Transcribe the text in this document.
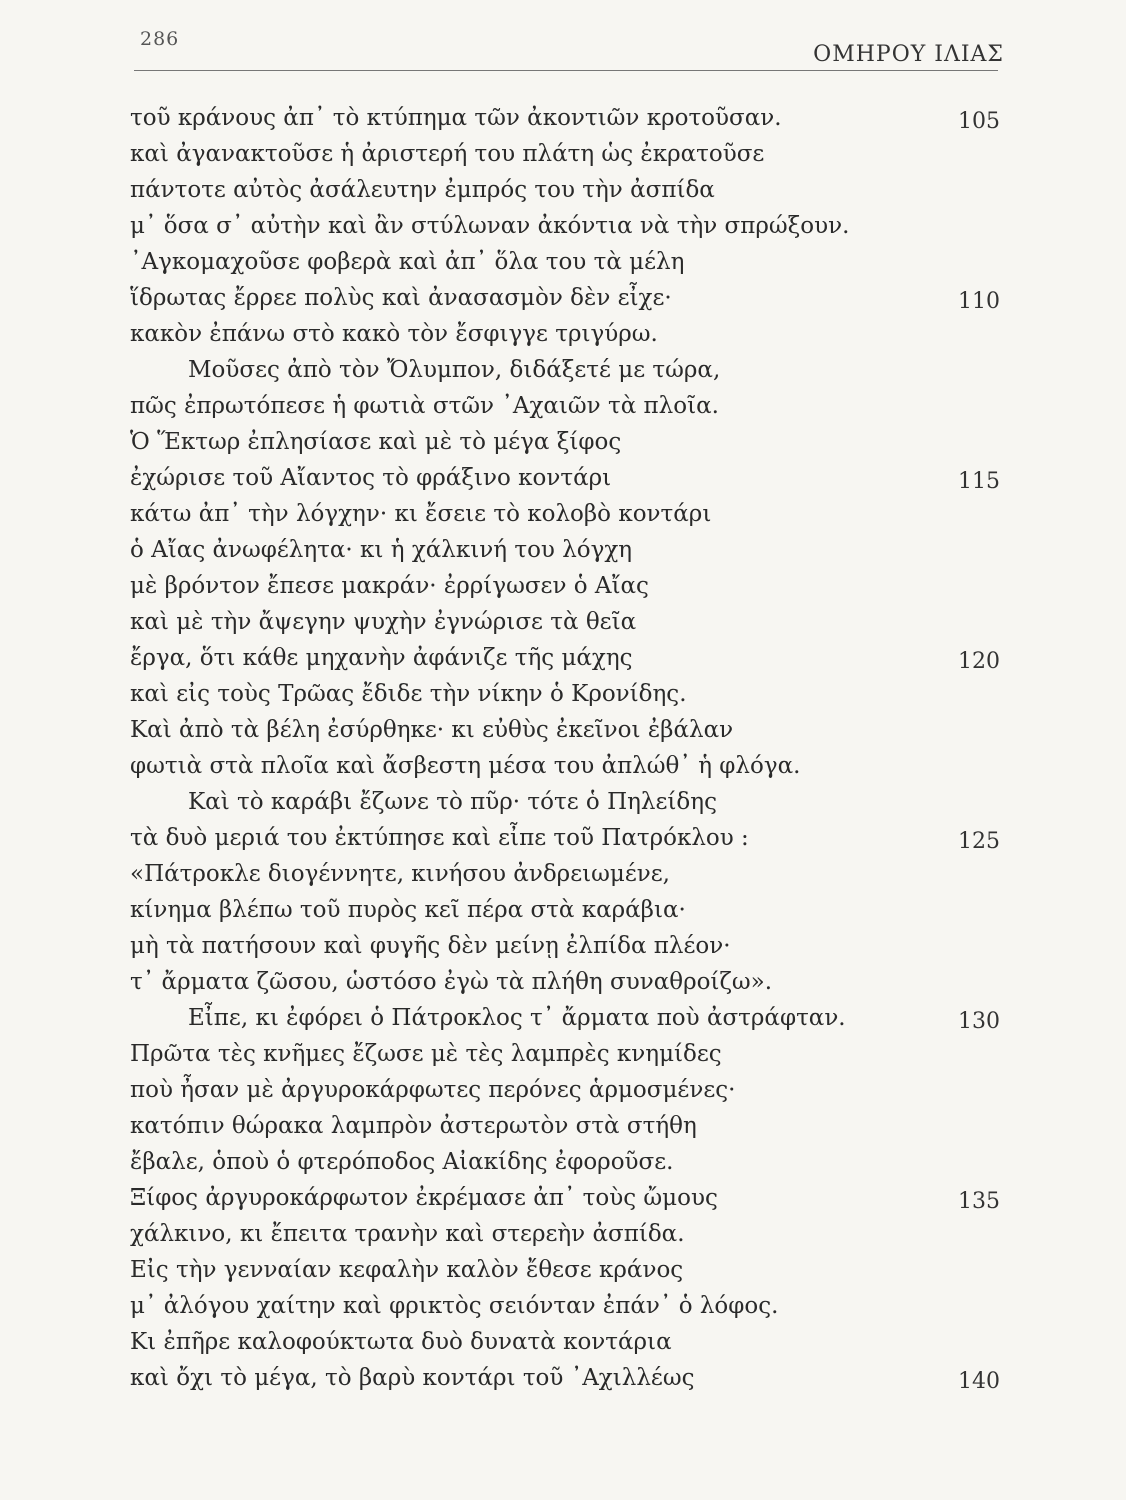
286
ΟΜΗΡΟΥ ΙΛΙΑΣ
τοῦ κράνους ἀπ᾽ τὸ κτύπημα τῶν ἀκοντιῶν κροτοῦσαν.	105
καὶ ἀγανακτοῦσε ἡ ἀριστερή του πλάτη ὡς ἐκρατοῦσε
πάντοτε αὐτὸς ἀσάλευτην ἐμπρός του τὴν ἀσπίδα
μ᾽ ὅσα σ᾽ αὐτὴν καὶ ἂν στύλωναν ἀκόντια νὰ τὴν σπρώξουν.
᾽Αγκομαχοῦσε φοβερὰ καὶ ἀπ᾽ ὅλα του τὰ μέλη
ἵδρωτας ἔρρεε πολὺς καὶ ἀνασασμὸν δὲν εἶχε·	110
κακὸν ἐπάνω στὸ κακὸ τὸν ἔσφιγγε τριγύρω.
Μοῦσες ἀπὸ τὸν Ὄλυμπον, διδάξετέ με τώρα,
πῶς ἐπρωτόπεσε ἡ φωτιὰ στῶν ᾽Αχαιῶν τὰ πλοῖα.
Ὁ Ἕκτωρ ἐπλησίασε καὶ μὲ τὸ μέγα ξίφος
ἐχώρισε τοῦ Αἴαντος τὸ φράξινο κοντάρι	115
κάτω ἀπ᾽ τὴν λόγχην· κι ἔσειε τὸ κολοβὸ κοντάρι
ὁ Αἴας ἀνωφέλητα· κι ἡ χάλκινή του λόγχη
μὲ βρόντον ἔπεσε μακράν· ἐρρίγωσεν ὁ Αἴας
καὶ μὲ τὴν ἄψεγην ψυχὴν ἐγνώρισε τὰ θεῖα
ἔργα, ὅτι κάθε μηχανὴν ἀφάνιζε τῆς μάχης	120
καὶ εἰς τοὺς Τρῶας ἔδιδε τὴν νίκην ὁ Κρονίδης.
Καὶ ἀπὸ τὰ βέλη ἐσύρθηκε· κι εὐθὺς ἐκεῖνοι ἐβάλαν
φωτιὰ στὰ πλοῖα καὶ ἄσβεστη μέσα του ἀπλώθ᾽ ἡ φλόγα.
Καὶ τὸ καράβι ἔζωνε τὸ πῦρ· τότε ὁ Πηλείδης
τὰ δυὸ μεριά του ἐκτύπησε καὶ εἶπε τοῦ Πατρόκλου :	125
«Πάτροκλε διογέννητε, κινήσου ἀνδρειωμένε,
κίνημα βλέπω τοῦ πυρὸς κεῖ πέρα στὰ καράβια·
μὴ τὰ πατήσουν καὶ φυγῆς δὲν μείνῃ ἐλπίδα πλέον·
τ᾽ ἄρματα ζῶσου, ὡστόσο ἐγὼ τὰ πλήθη συναθροίζω».
Εἶπε, κι ἐφόρει ὁ Πάτροκλος τ᾽ ἄρματα ποὺ ἀστράφταν.	130
Πρῶτα τὲς κνῆμες ἔζωσε μὲ τὲς λαμπρὲς κνημίδες
ποὺ ἦσαν μὲ ἀργυροκάρφωτες περόνες ἁρμοσμένες·
κατόπιν θώρακα λαμπρὸν ἀστερωτὸν στὰ στήθη
ἔβαλε, ὁποὺ ὁ φτερόποδος Αἰακίδης ἐφοροῦσε.
Ξίφος ἀργυροκάρφωτον ἐκρέμασε ἀπ᾽ τοὺς ὤμους	135
χάλκινο, κι ἔπειτα τρανὴν καὶ στερεὴν ἀσπίδα.
Εἰς τὴν γενναίαν κεφαλὴν καλὸν ἔθεσε κράνος
μ᾽ ἀλόγου χαίτην καὶ φρικτὸς σειόνταν ἐπάν᾽ ὁ λόφος.
Κι ἐπῆρε καλοφούκτωτα δυὸ δυνατὰ κοντάρια
καὶ ὄχι τὸ μέγα, τὸ βαρὺ κοντάρι τοῦ ᾽Αχιλλέως	140
